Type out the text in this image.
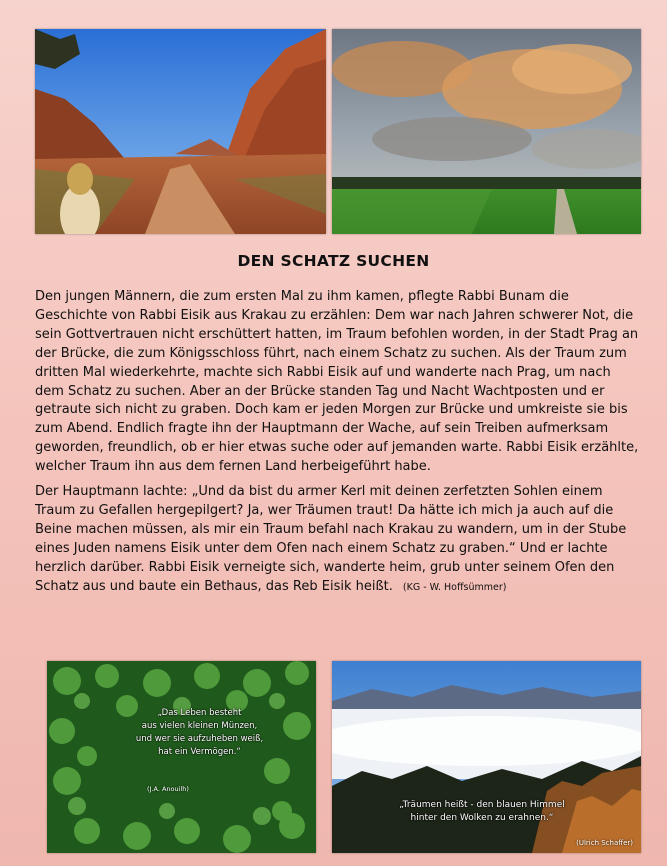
DEN SCHATZ SUCHEN

Den jungen Männern, die zum ersten Mal zu ihm kamen, pflegte Rabbi Bunam die Geschichte von Rabbi Eisik aus Krakau zu erzählen: Dem war nach Jahren schwerer Not, die sein Gottvertrauen nicht erschüttert hatten, im Traum befohlen worden, in der Stadt Prag an der Brücke, die zum Königsschloss führt, nach einem Schatz zu suchen. Als der Traum zum dritten Mal wiederkehrte, machte sich Rabbi Eisik auf und wanderte nach Prag, um nach dem Schatz zu suchen. Aber an der Brücke standen Tag und Nacht Wachtposten und er getraute sich nicht zu graben. Doch kam er jeden Morgen zur Brücke und umkreiste sie bis zum Abend. Endlich fragte ihn der Hauptmann der Wache, auf sein Treiben aufmerksam geworden, freundlich, ob er hier etwas suche oder auf jemanden warte. Rabbi Eisik erzählte, welcher Traum ihn aus dem fernen Land herbeigeführt habe.

Der Hauptmann lachte: „Und da bist du armer Kerl mit deinen zerfetzten Sohlen einem Traum zu Gefallen hergepilgert? Ja, wer Träumen traut! Da hätte ich mich ja auch auf die Beine machen müssen, als mir ein Traum befahl nach Krakau zu wandern, um in der Stube eines Juden namens Eisik unter dem Ofen nach einem Schatz zu graben.“ Und er lachte herzlich darüber. Rabbi Eisik verneigte sich, wanderte heim, grub unter seinem Ofen den Schatz aus und baute ein Bethaus, das Reb Eisik heißt. (KG - W. Hoffsümmer)

„Das Leben besteht
aus vielen kleinen Münzen,
und wer sie aufzuheben weiß,
hat ein Vermögen.“
(J.A. Anouilh)
„Träumen heißt - den blauen Himmel
hinter den Wolken zu erahnen.“
(Ulrich Schaffer)
